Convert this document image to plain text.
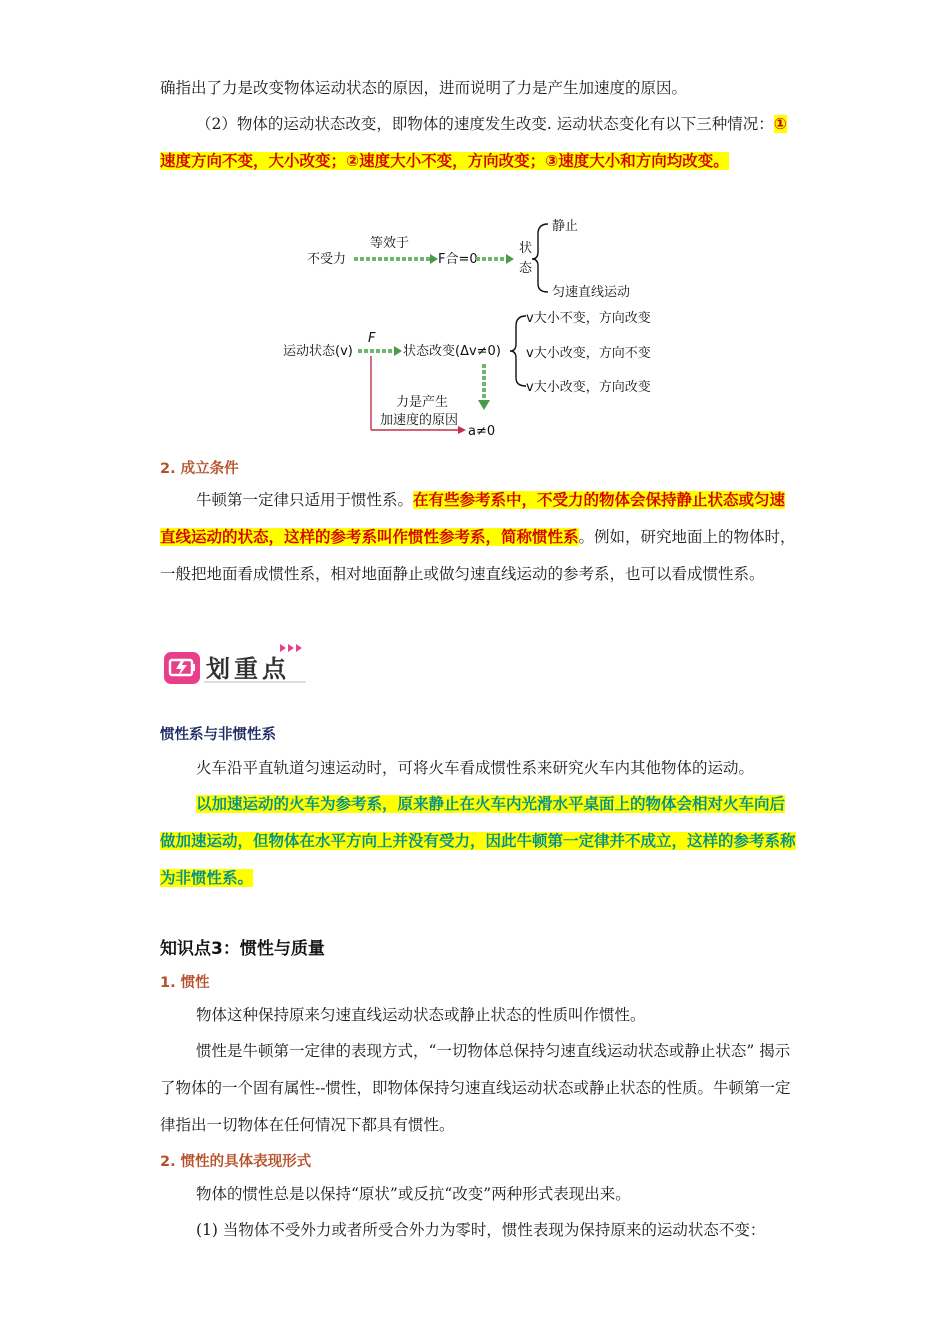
确指出了力是改变物体运动状态的原因，进而说明了力是产生加速度的原因。
（2）物体的运动状态改变，即物体的速度发生改变. 运动状态变化有以下三种情况：①速度方向不变，大小改变；②速度大小不变，方向改变；③速度大小和方向均改变。
不受力
等效于
F合=0
状
态
静止
匀速直线运动
运动状态(v)
F
状态改变(Δv≠0)
v大小不变，方向改变
v大小改变，方向不变
v大小改变，方向改变
力是产生
加速度的原因
a≠0
2. 成立条件
牛顿第一定律只适用于惯性系。在有些参考系中，不受力的物体会保持静止状态或匀速直线运动的状态，这样的参考系叫作惯性参考系，简称惯性系。例如，研究地面上的物体时，一般把地面看成惯性系，相对地面静止或做匀速直线运动的参考系，也可以看成惯性系。
划重点
惯性系与非惯性系
火车沿平直轨道匀速运动时，可将火车看成惯性系来研究火车内其他物体的运动。
以加速运动的火车为参考系，原来静止在火车内光滑水平桌面上的物体会相对火车向后做加速运动，但物体在水平方向上并没有受力，因此牛顿第一定律并不成立，这样的参考系称为非惯性系。
知识点3：惯性与质量
1. 惯性
物体这种保持原来匀速直线运动状态或静止状态的性质叫作惯性。
惯性是牛顿第一定律的表现方式，“一切物体总保持匀速直线运动状态或静止状态” 揭示了物体的一个固有属性--惯性，即物体保持匀速直线运动状态或静止状态的性质。牛顿第一定律指出一切物体在任何情况下都具有惯性。
2. 惯性的具体表现形式
物体的惯性总是以保持“原状”或反抗“改变”两种形式表现出来。
(1) 当物体不受外力或者所受合外力为零时，惯性表现为保持原来的运动状态不变：
